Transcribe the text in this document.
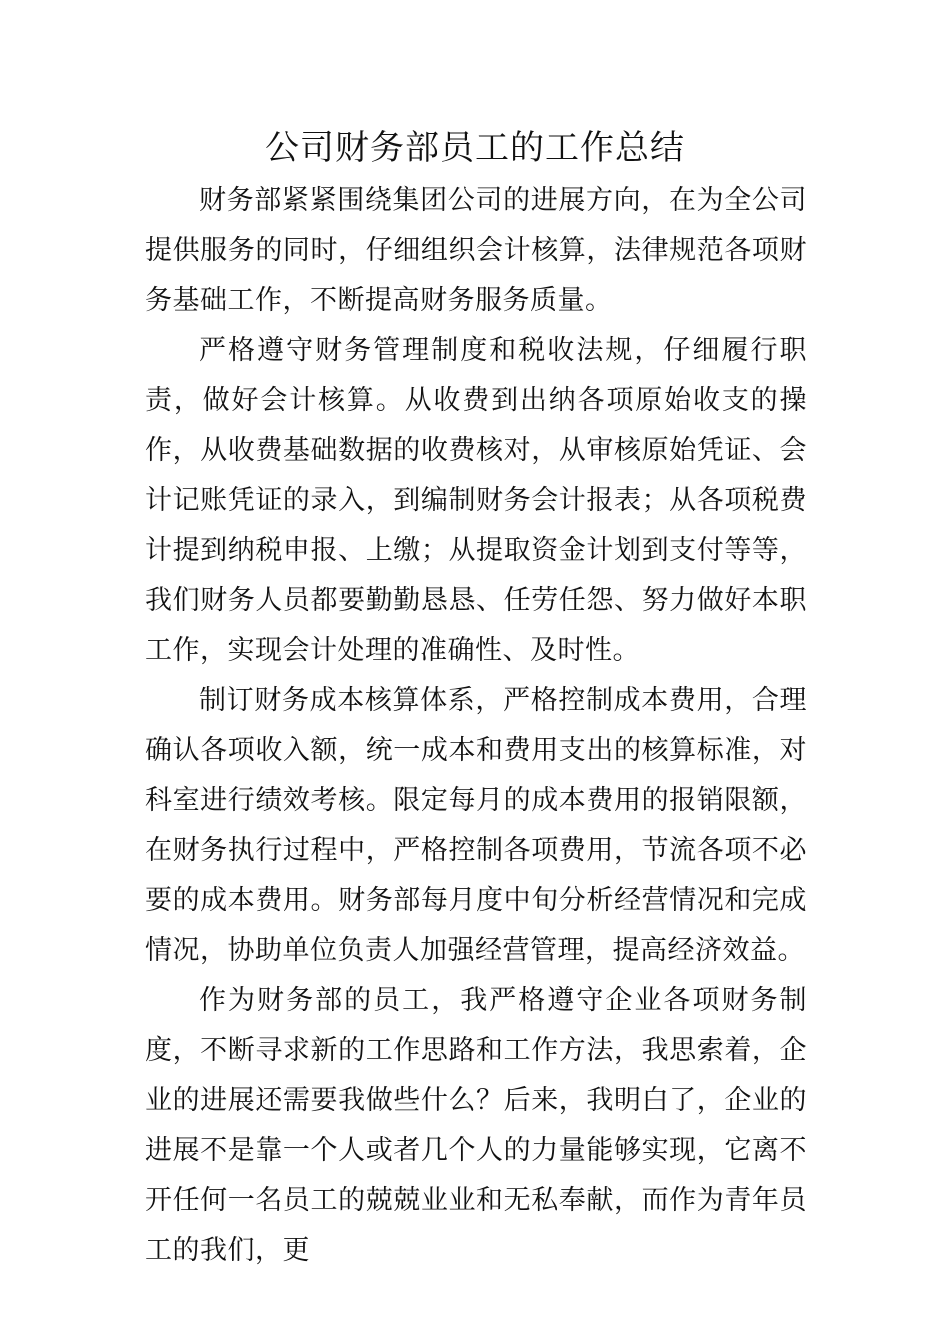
公司财务部员工的工作总结

财务部紧紧围绕集团公司的进展方向，在为全公司提供服务的同时，仔细组织会计核算，法律规范各项财务基础工作，不断提高财务服务质量。

严格遵守财务管理制度和税收法规，仔细履行职责，做好会计核算。从收费到出纳各项原始收支的操作，从收费基础数据的收费核对，从审核原始凭证、会计记账凭证的录入，到编制财务会计报表；从各项税费计提到纳税申报、上缴；从提取资金计划到支付等等，我们财务人员都要勤勤恳恳、任劳任怨、努力做好本职工作，实现会计处理的准确性、及时性。

制订财务成本核算体系，严格控制成本费用，合理确认各项收入额，统一成本和费用支出的核算标准，对科室进行绩效考核。限定每月的成本费用的报销限额，在财务执行过程中，严格控制各项费用，节流各项不必要的成本费用。财务部每月度中旬分析经营情况和完成情况，协助单位负责人加强经营管理，提高经济效益。

作为财务部的员工，我严格遵守企业各项财务制度，不断寻求新的工作思路和工作方法，我思索着，企业的进展还需要我做些什么？后来，我明白了，企业的进展不是靠一个人或者几个人的力量能够实现，它离不开任何一名员工的兢兢业业和无私奉献，而作为青年员工的我们，更
